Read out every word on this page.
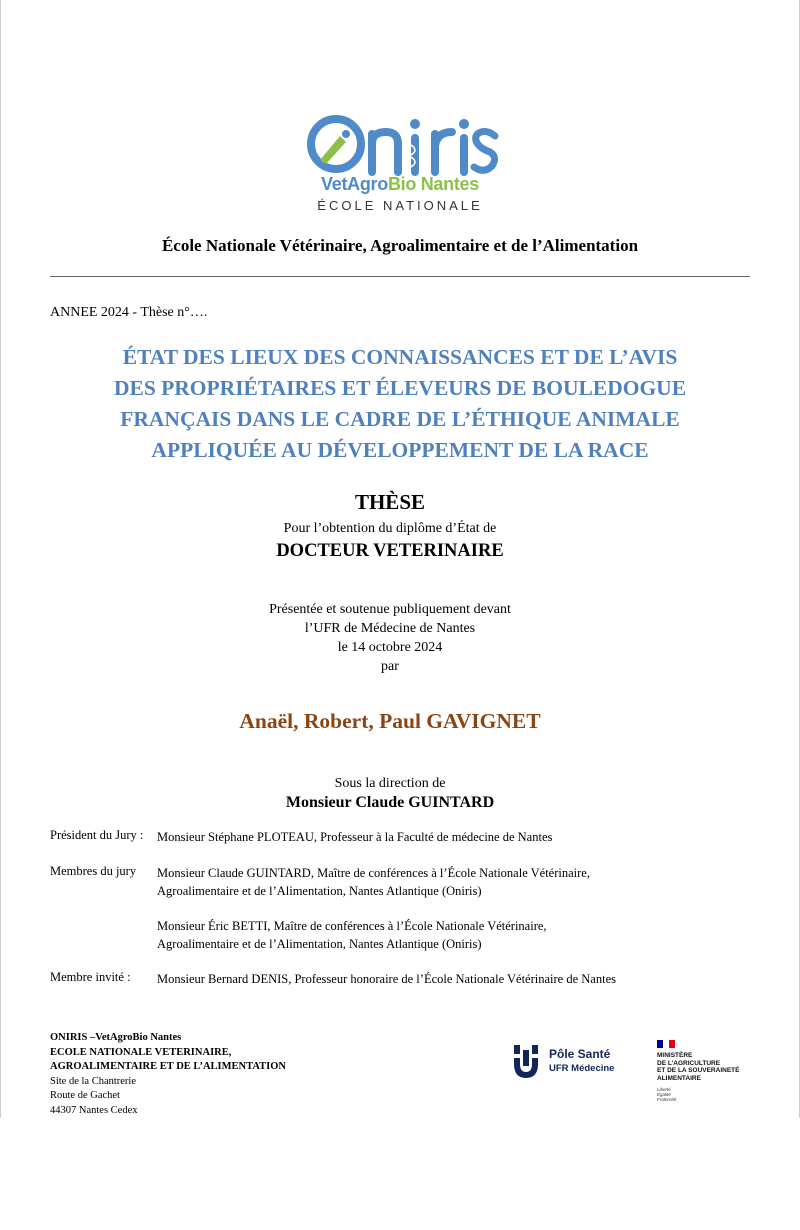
VetAgroBio Nantes
ÉCOLE NATIONALE
École Nationale Vétérinaire, Agroalimentaire et de l’Alimentation
ANNEE 2024 - Thèse n°….
ÉTAT DES LIEUX DES CONNAISSANCES ET DE L’AVIS
DES PROPRIÉTAIRES ET ÉLEVEURS DE BOULEDOGUE
FRANÇAIS DANS LE CADRE DE L’ÉTHIQUE ANIMALE
APPLIQUÉE AU DÉVELOPPEMENT DE LA RACE
THÈSE
Pour l’obtention du diplôme d’État de
DOCTEUR VETERINAIRE
Présentée et soutenue publiquement devant
l’UFR de Médecine de Nantes
le 14 octobre 2024
par
Anaël, Robert, Paul GAVIGNET
Sous la direction de
Monsieur Claude GUINTARD
Président du Jury : Monsieur Stéphane PLOTEAU, Professeur à la Faculté de médecine de Nantes
Membres du jury Monsieur Claude GUINTARD, Maître de conférences à l’École Nationale Vétérinaire,
Agroalimentaire et de l’Alimentation, Nantes Atlantique (Oniris)
Monsieur Éric BETTI, Maître de conférences à l’École Nationale Vétérinaire,
Agroalimentaire et de l’Alimentation, Nantes Atlantique (Oniris)
Membre invité : Monsieur Bernard DENIS, Professeur honoraire de l’École Nationale Vétérinaire de Nantes
ONIRIS –VetAgroBio Nantes
ECOLE NATIONALE VETERINAIRE,
AGROALIMENTAIRE ET DE L’ALIMENTATION
Site de la Chantrerie
Route de Gachet
44307 Nantes Cedex
Pôle Santé
UFR Médecine
MINISTÈRE
DE L’AGRICULTURE
ET DE LA SOUVERAINETÉ
ALIMENTAIRE
Liberté
Égalité
Fraternité
